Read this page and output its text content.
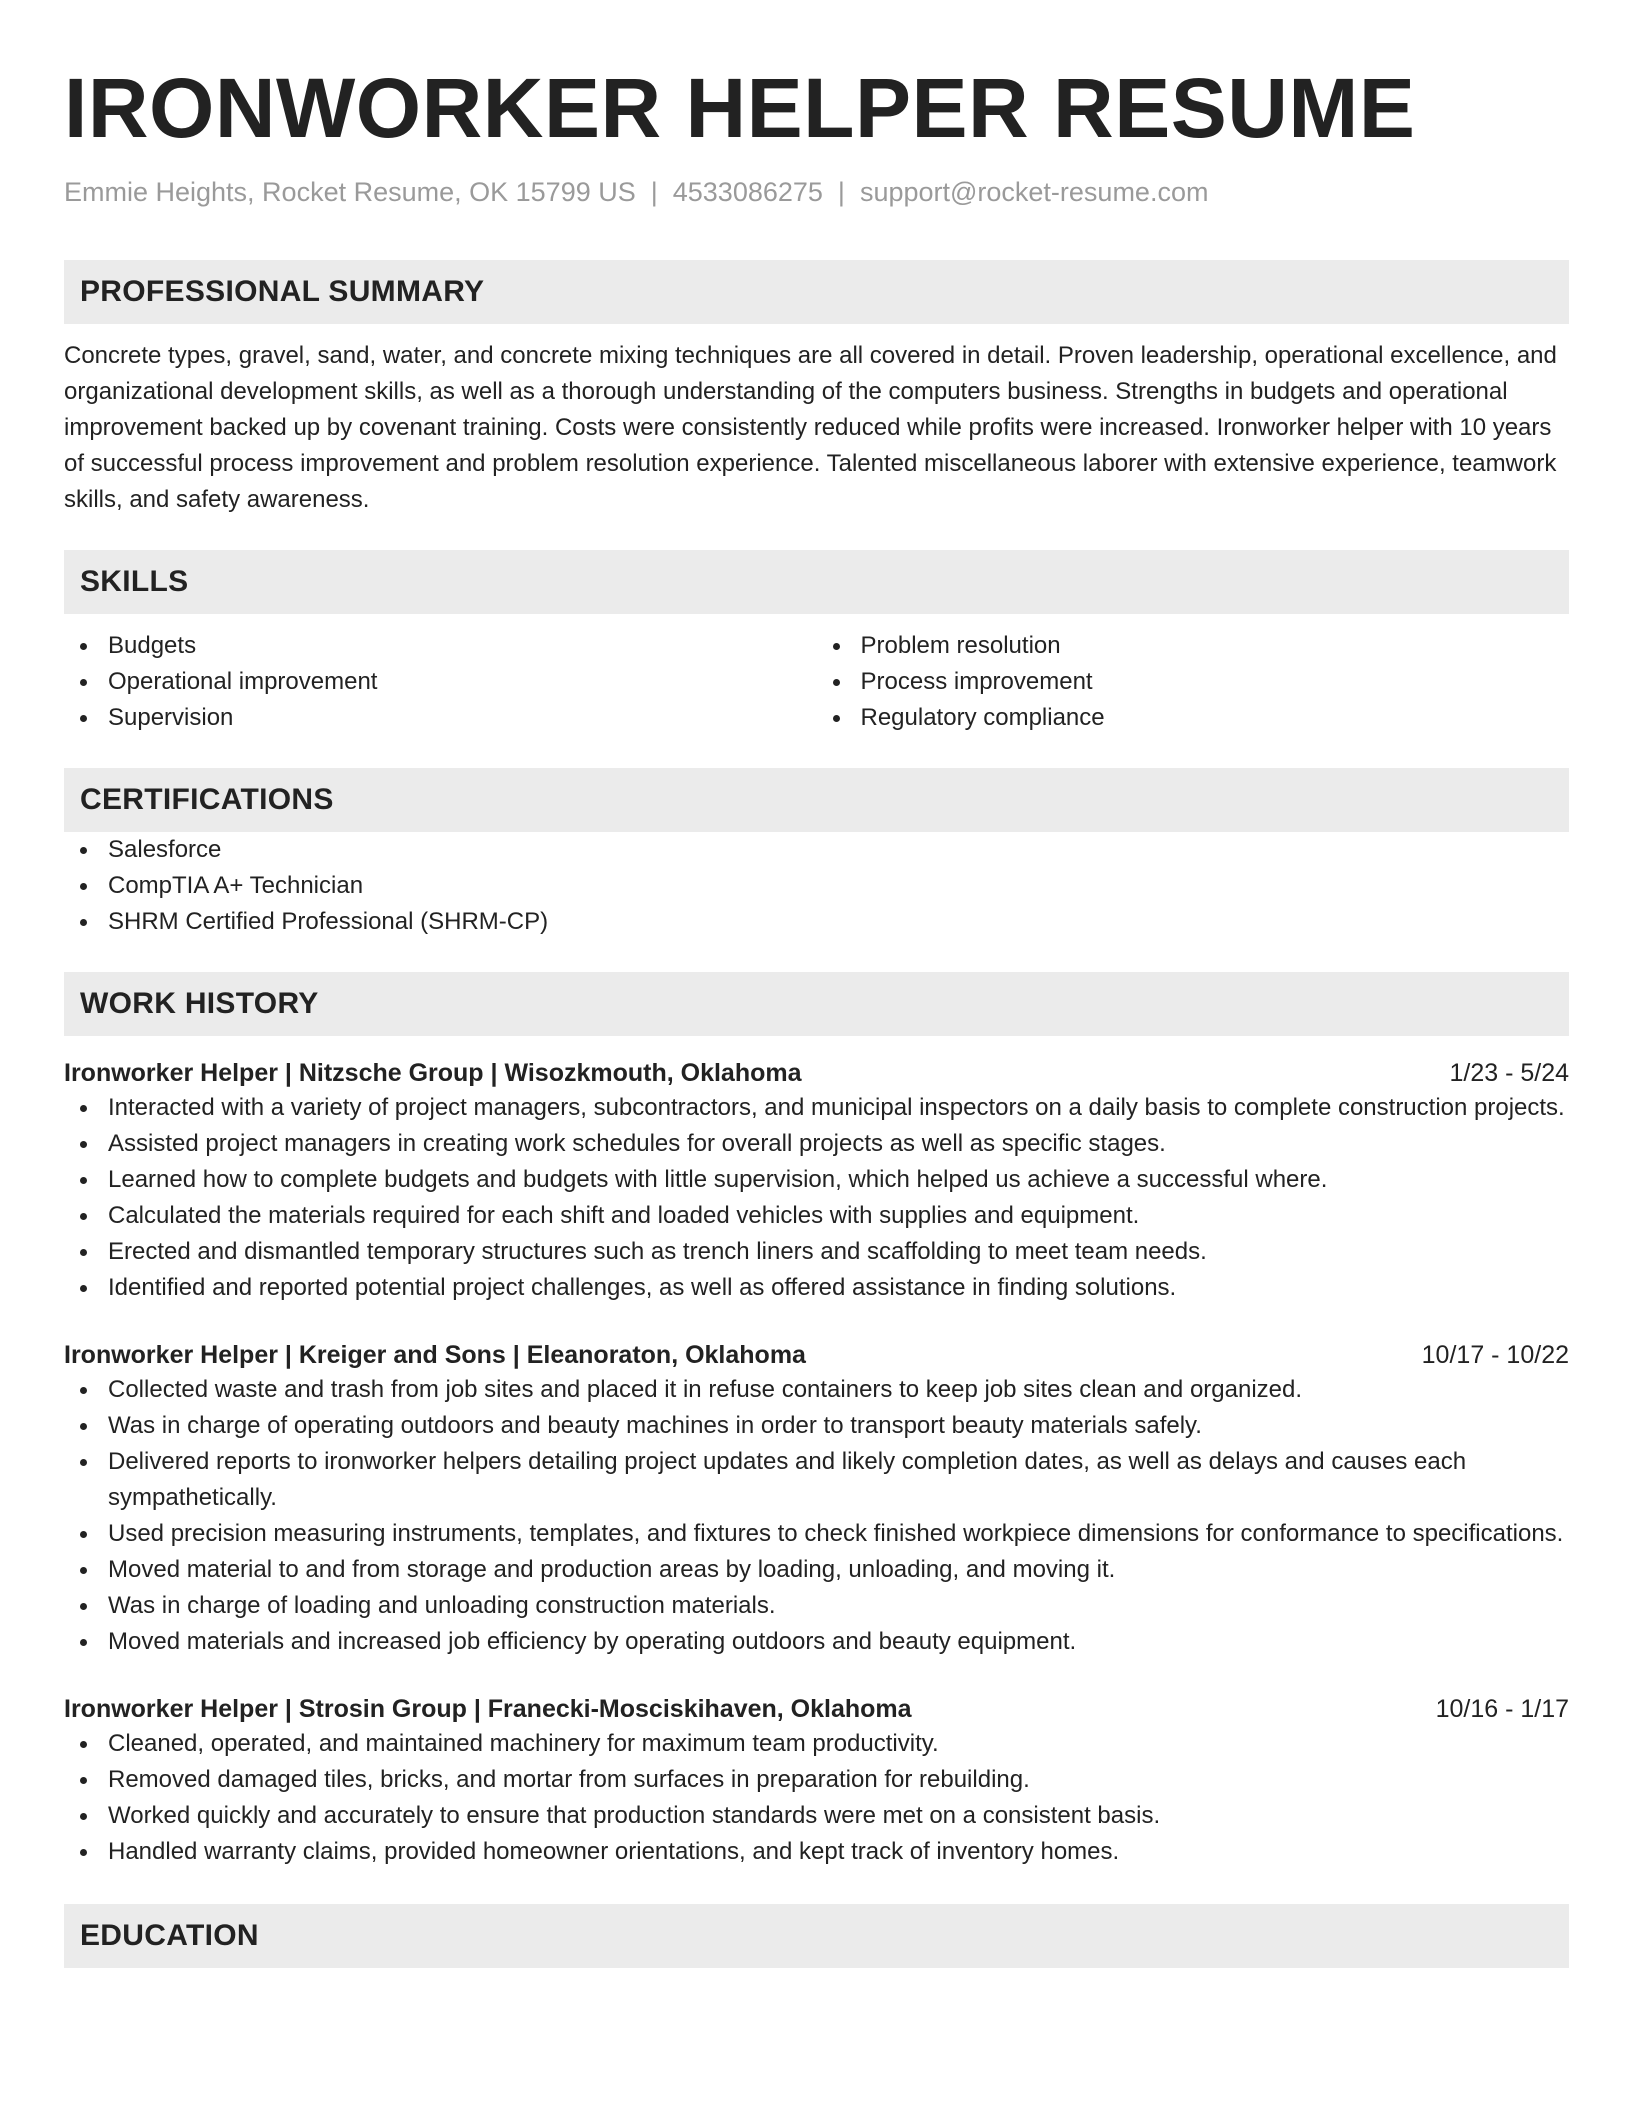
IRONWORKER HELPER RESUME
Emmie Heights, Rocket Resume, OK 15799 US | 4533086275 | support@rocket-resume.com
PROFESSIONAL SUMMARY

Concrete types, gravel, sand, water, and concrete mixing techniques are all covered in detail. Proven leadership, operational excellence, and organizational development skills, as well as a thorough understanding of the computers business. Strengths in budgets and operational improvement backed up by covenant training. Costs were consistently reduced while profits were increased. Ironworker helper with 10 years of successful process improvement and problem resolution experience. Talented miscellaneous laborer with extensive experience, teamwork skills, and safety awareness.

SKILLS
Budgets
Operational improvement
Supervision
Problem resolution
Process improvement
Regulatory compliance
CERTIFICATIONS
Salesforce
CompTIA A+ Technician
SHRM Certified Professional (SHRM-CP)
WORK HISTORY
Ironworker Helper | Nitzsche Group | Wisozkmouth, Oklahoma	1/23 - 5/24
Interacted with a variety of project managers, subcontractors, and municipal inspectors on a daily basis to complete construction projects.
Assisted project managers in creating work schedules for overall projects as well as specific stages.
Learned how to complete budgets and budgets with little supervision, which helped us achieve a successful where.
Calculated the materials required for each shift and loaded vehicles with supplies and equipment.
Erected and dismantled temporary structures such as trench liners and scaffolding to meet team needs.
Identified and reported potential project challenges, as well as offered assistance in finding solutions.
Ironworker Helper | Kreiger and Sons | Eleanoraton, Oklahoma	10/17 - 10/22
Collected waste and trash from job sites and placed it in refuse containers to keep job sites clean and organized.
Was in charge of operating outdoors and beauty machines in order to transport beauty materials safely.
Delivered reports to ironworker helpers detailing project updates and likely completion dates, as well as delays and causes each sympathetically.
Used precision measuring instruments, templates, and fixtures to check finished workpiece dimensions for conformance to specifications.
Moved material to and from storage and production areas by loading, unloading, and moving it.
Was in charge of loading and unloading construction materials.
Moved materials and increased job efficiency by operating outdoors and beauty equipment.
Ironworker Helper | Strosin Group | Franecki-Mosciskihaven, Oklahoma	10/16 - 1/17
Cleaned, operated, and maintained machinery for maximum team productivity.
Removed damaged tiles, bricks, and mortar from surfaces in preparation for rebuilding.
Worked quickly and accurately to ensure that production standards were met on a consistent basis.
Handled warranty claims, provided homeowner orientations, and kept track of inventory homes.
EDUCATION
